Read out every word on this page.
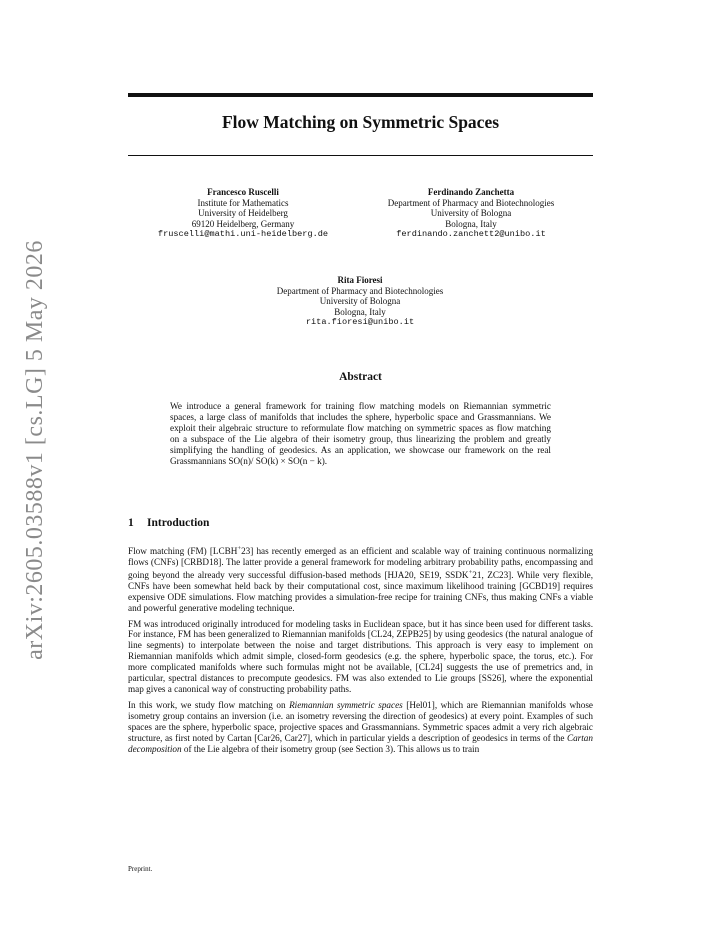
arXiv:2605.03588v1 [cs.LG] 5 May 2026
Flow Matching on Symmetric Spaces
Francesco Ruscelli
Institute for Mathematics
University of Heidelberg
69120 Heidelberg, Germany
fruscelli@mathi.uni-heidelberg.de
Ferdinando Zanchetta
Department of Pharmacy and Biotechnologies
University of Bologna
Bologna, Italy
ferdinando.zanchett2@unibo.it
Rita Fioresi
Department of Pharmacy and Biotechnologies
University of Bologna
Bologna, Italy
rita.fioresi@unibo.it
Abstract

We introduce a general framework for training flow matching models on Riemannian symmetric spaces, a large class of manifolds that includes the sphere, hyperbolic space and Grassmannians. We exploit their algebraic structure to reformulate flow matching on symmetric spaces as flow matching on a subspace of the Lie algebra of their isometry group, thus linearizing the problem and greatly simplifying the handling of geodesics. As an application, we showcase our framework on the real Grassmannians SO(n)/ SO(k) × SO(n − k).

1 Introduction

Flow matching (FM) [LCBH+23] has recently emerged as an efficient and scalable way of training continuous normalizing flows (CNFs) [CRBD18]. The latter provide a general framework for modeling arbitrary probability paths, encompassing and going beyond the already very successful diffusion-based methods [HJA20, SE19, SSDK+21, ZC23]. While very flexible, CNFs have been somewhat held back by their computational cost, since maximum likelihood training [GCBD19] requires expensive ODE simulations. Flow matching provides a simulation-free recipe for training CNFs, thus making CNFs a viable and powerful generative modeling technique.

FM was introduced originally introduced for modeling tasks in Euclidean space, but it has since been used for different tasks. For instance, FM has been generalized to Riemannian manifolds [CL24, ZEPB25] by using geodesics (the natural analogue of line segments) to interpolate between the noise and target distributions. This approach is very easy to implement on Riemannian manifolds which admit simple, closed-form geodesics (e.g. the sphere, hyperbolic space, the torus, etc.). For more complicated manifolds where such formulas might not be available, [CL24] suggests the use of premetrics and, in particular, spectral distances to precompute geodesics. FM was also extended to Lie groups [SS26], where the exponential map gives a canonical way of constructing probability paths.

In this work, we study flow matching on Riemannian symmetric spaces [Hel01], which are Riemannian manifolds whose isometry group contains an inversion (i.e. an isometry reversing the direction of geodesics) at every point. Examples of such spaces are the sphere, hyperbolic space, projective spaces and Grassmannians. Symmetric spaces admit a very rich algebraic structure, as first noted by Cartan [Car26, Car27], which in particular yields a description of geodesics in terms of the Cartan decomposition of the Lie algebra of their isometry group (see Section 3). This allows us to train

Preprint.
